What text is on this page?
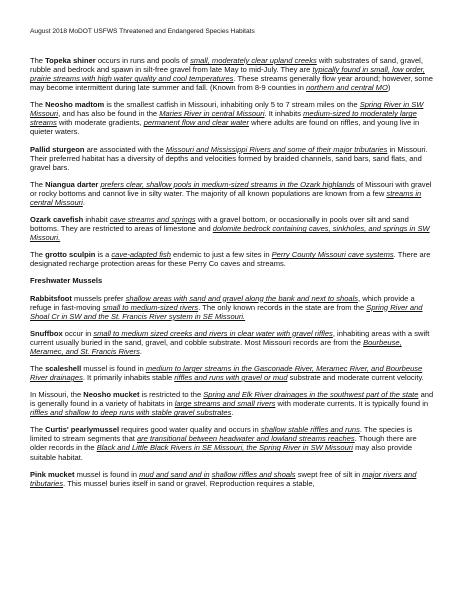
August 2018 MoDOT USFWS Threatened and Endangered Species Habitats

The Topeka shiner occurs in runs and pools of small, moderately clear upland creeks with substrates of sand, gravel, rubble and bedrock and spawn in silt-free gravel from late May to mid-July. They are typically found in small, low order, prairie streams with high water quality and cool temperatures. These streams generally flow year around; however, some may become intermittent during late summer and fall. (Known from 8-9 counties in northern and central MO)

The Neosho madtom is the smallest catfish in Missouri, inhabiting only 5 to 7 stream miles on the Spring River in SW Missouri, and has also be found in the Maries River in central Missouri. It inhabits medium-sized to moderately large streams with moderate gradients, permanent flow and clear water where adults are found on riffles, and young live in quieter waters.

Pallid sturgeon are associated with the Missouri and Mississippi Rivers and some of their major tributaries in Missouri. Their preferred habitat has a diversity of depths and velocities formed by braided channels, sand bars, sand flats, and gravel bars.

The Niangua darter prefers clear, shallow pools in medium-sized streams in the Ozark highlands of Missouri with gravel or rocky bottoms and cannot live in silty water. The majority of all known populations are known from a few streams in central Missouri.

Ozark cavefish inhabit cave streams and springs with a gravel bottom, or occasionally in pools over silt and sand bottoms. They are restricted to areas of limestone and dolomite bedrock containing caves, sinkholes, and springs in SW Missouri.

The grotto sculpin is a cave-adapted fish endemic to just a few sites in Perry County Missouri cave systems. There are designated recharge protection areas for these Perry Co caves and streams.

Freshwater Mussels

Rabbitsfoot mussels prefer shallow areas with sand and gravel along the bank and next to shoals, which provide a refuge in fast-moving small to medium-sized rivers. The only known records in the state are from the Spring River and Shoal Cr in SW and the St. Francis River system in SE Missouri.

Snuffbox occur in small to medium sized creeks and rivers in clear water with gravel riffles, inhabiting areas with a swift current usually buried in the sand, gravel, and cobble substrate. Most Missouri records are from the Bourbeuse, Meramec, and St. Francis Rivers.

The scaleshell mussel is found in medium to larger streams in the Gasconade River, Meramec River, and Bourbeuse River drainages. It primarily inhabits stable riffles and runs with gravel or mud substrate and moderate current velocity.

In Missouri, the Neosho mucket is restricted to the Spring and Elk River drainages in the southwest part of the state and is generally found in a variety of habitats in large streams and small rivers with moderate currents. It is typically found in riffles and shallow to deep runs with stable gravel substrates.

The Curtis' pearlymussel requires good water quality and occurs in shallow stable riffles and runs. The species is limited to stream segments that are transitional between headwater and lowland streams reaches. Though there are older records in the Black and Little Black Rivers in SE Missouri, the Spring River in SW Missouri may also provide suitable habitat.

Pink mucket mussel is found in mud and sand and in shallow riffles and shoals swept free of silt in major rivers and tributaries. This mussel buries itself in sand or gravel. Reproduction requires a stable,
